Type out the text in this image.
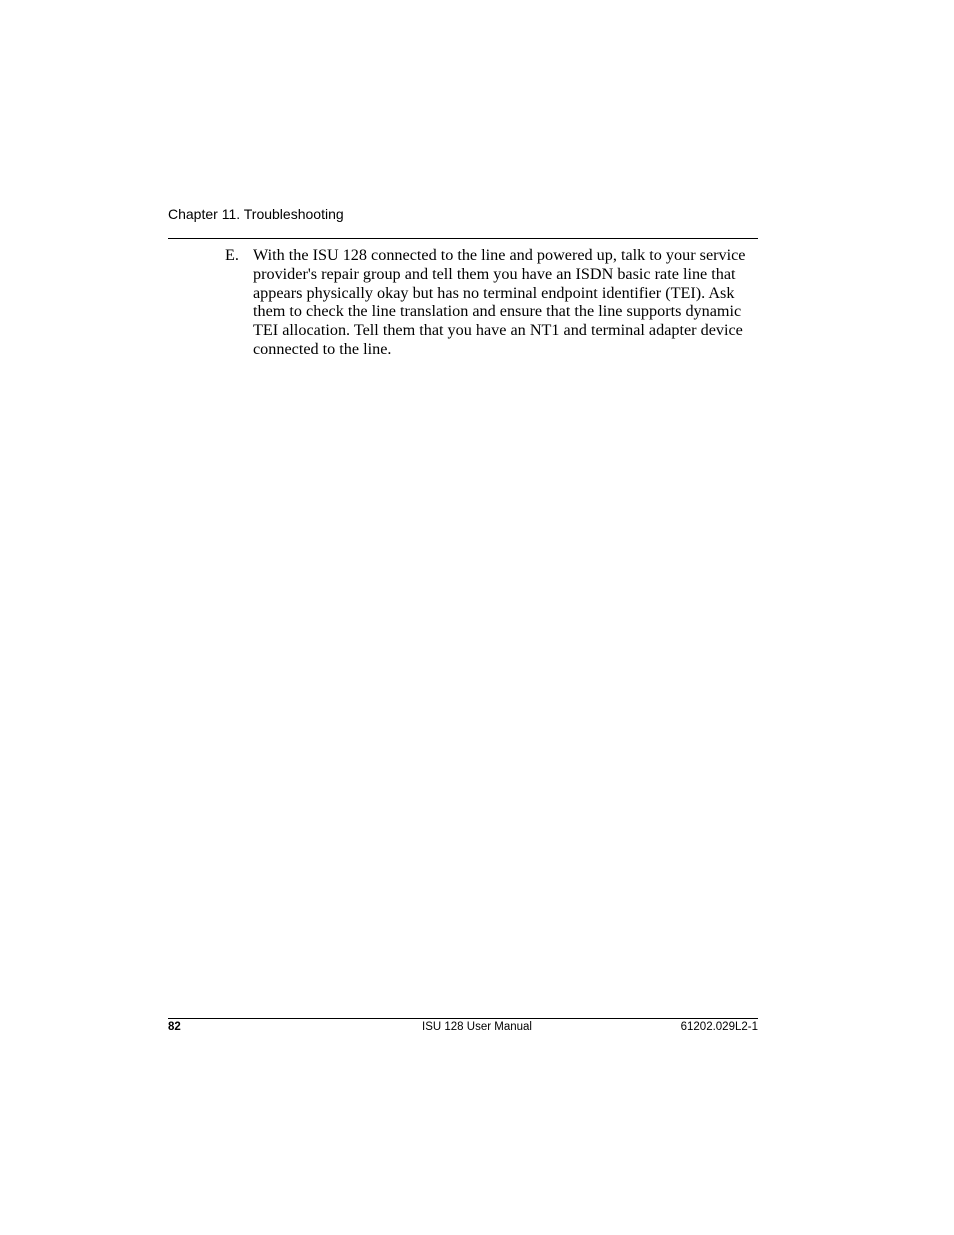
Chapter 11. Troubleshooting
E. With the ISU 128 connected to the line and powered up, talk to your service provider's repair group and tell them you have an ISDN basic rate line that appears physically okay but has no terminal endpoint identifier (TEI). Ask them to check the line translation and ensure that the line supports dynamic TEI allocation. Tell them that you have an NT1 and terminal adapter device connected to the line.

82	ISU 128 User Manual	61202.029L2-1
